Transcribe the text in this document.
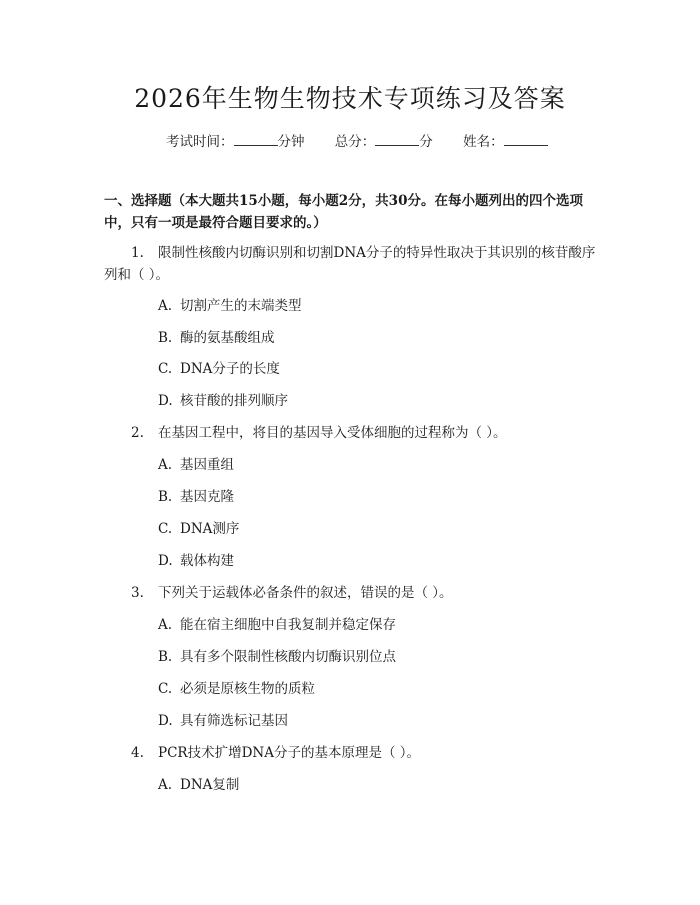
2026年生物生物技术专项练习及答案
考试时间：	分钟 总分：	分 姓名：
一、选择题（本大题共15小题，每小题2分，共30分。在每小题列出的四个选项中，只有一项是最符合题目要求的。）
1. 限制性核酸内切酶识别和切割DNA分子的特异性取决于其识别的核苷酸序
列和（ ）。
A. 切割产生的末端类型
B. 酶的氨基酸组成
C. DNA分子的长度
D. 核苷酸的排列顺序
2. 在基因工程中，将目的基因导入受体细胞的过程称为（ ）。
A. 基因重组
B. 基因克隆
C. DNA测序
D. 载体构建
3. 下列关于运载体必备条件的叙述，错误的是（ ）。
A. 能在宿主细胞中自我复制并稳定保存
B. 具有多个限制性核酸内切酶识别位点
C. 必须是原核生物的质粒
D. 具有筛选标记基因
4. PCR技术扩增DNA分子的基本原理是（ ）。
A. DNA复制
